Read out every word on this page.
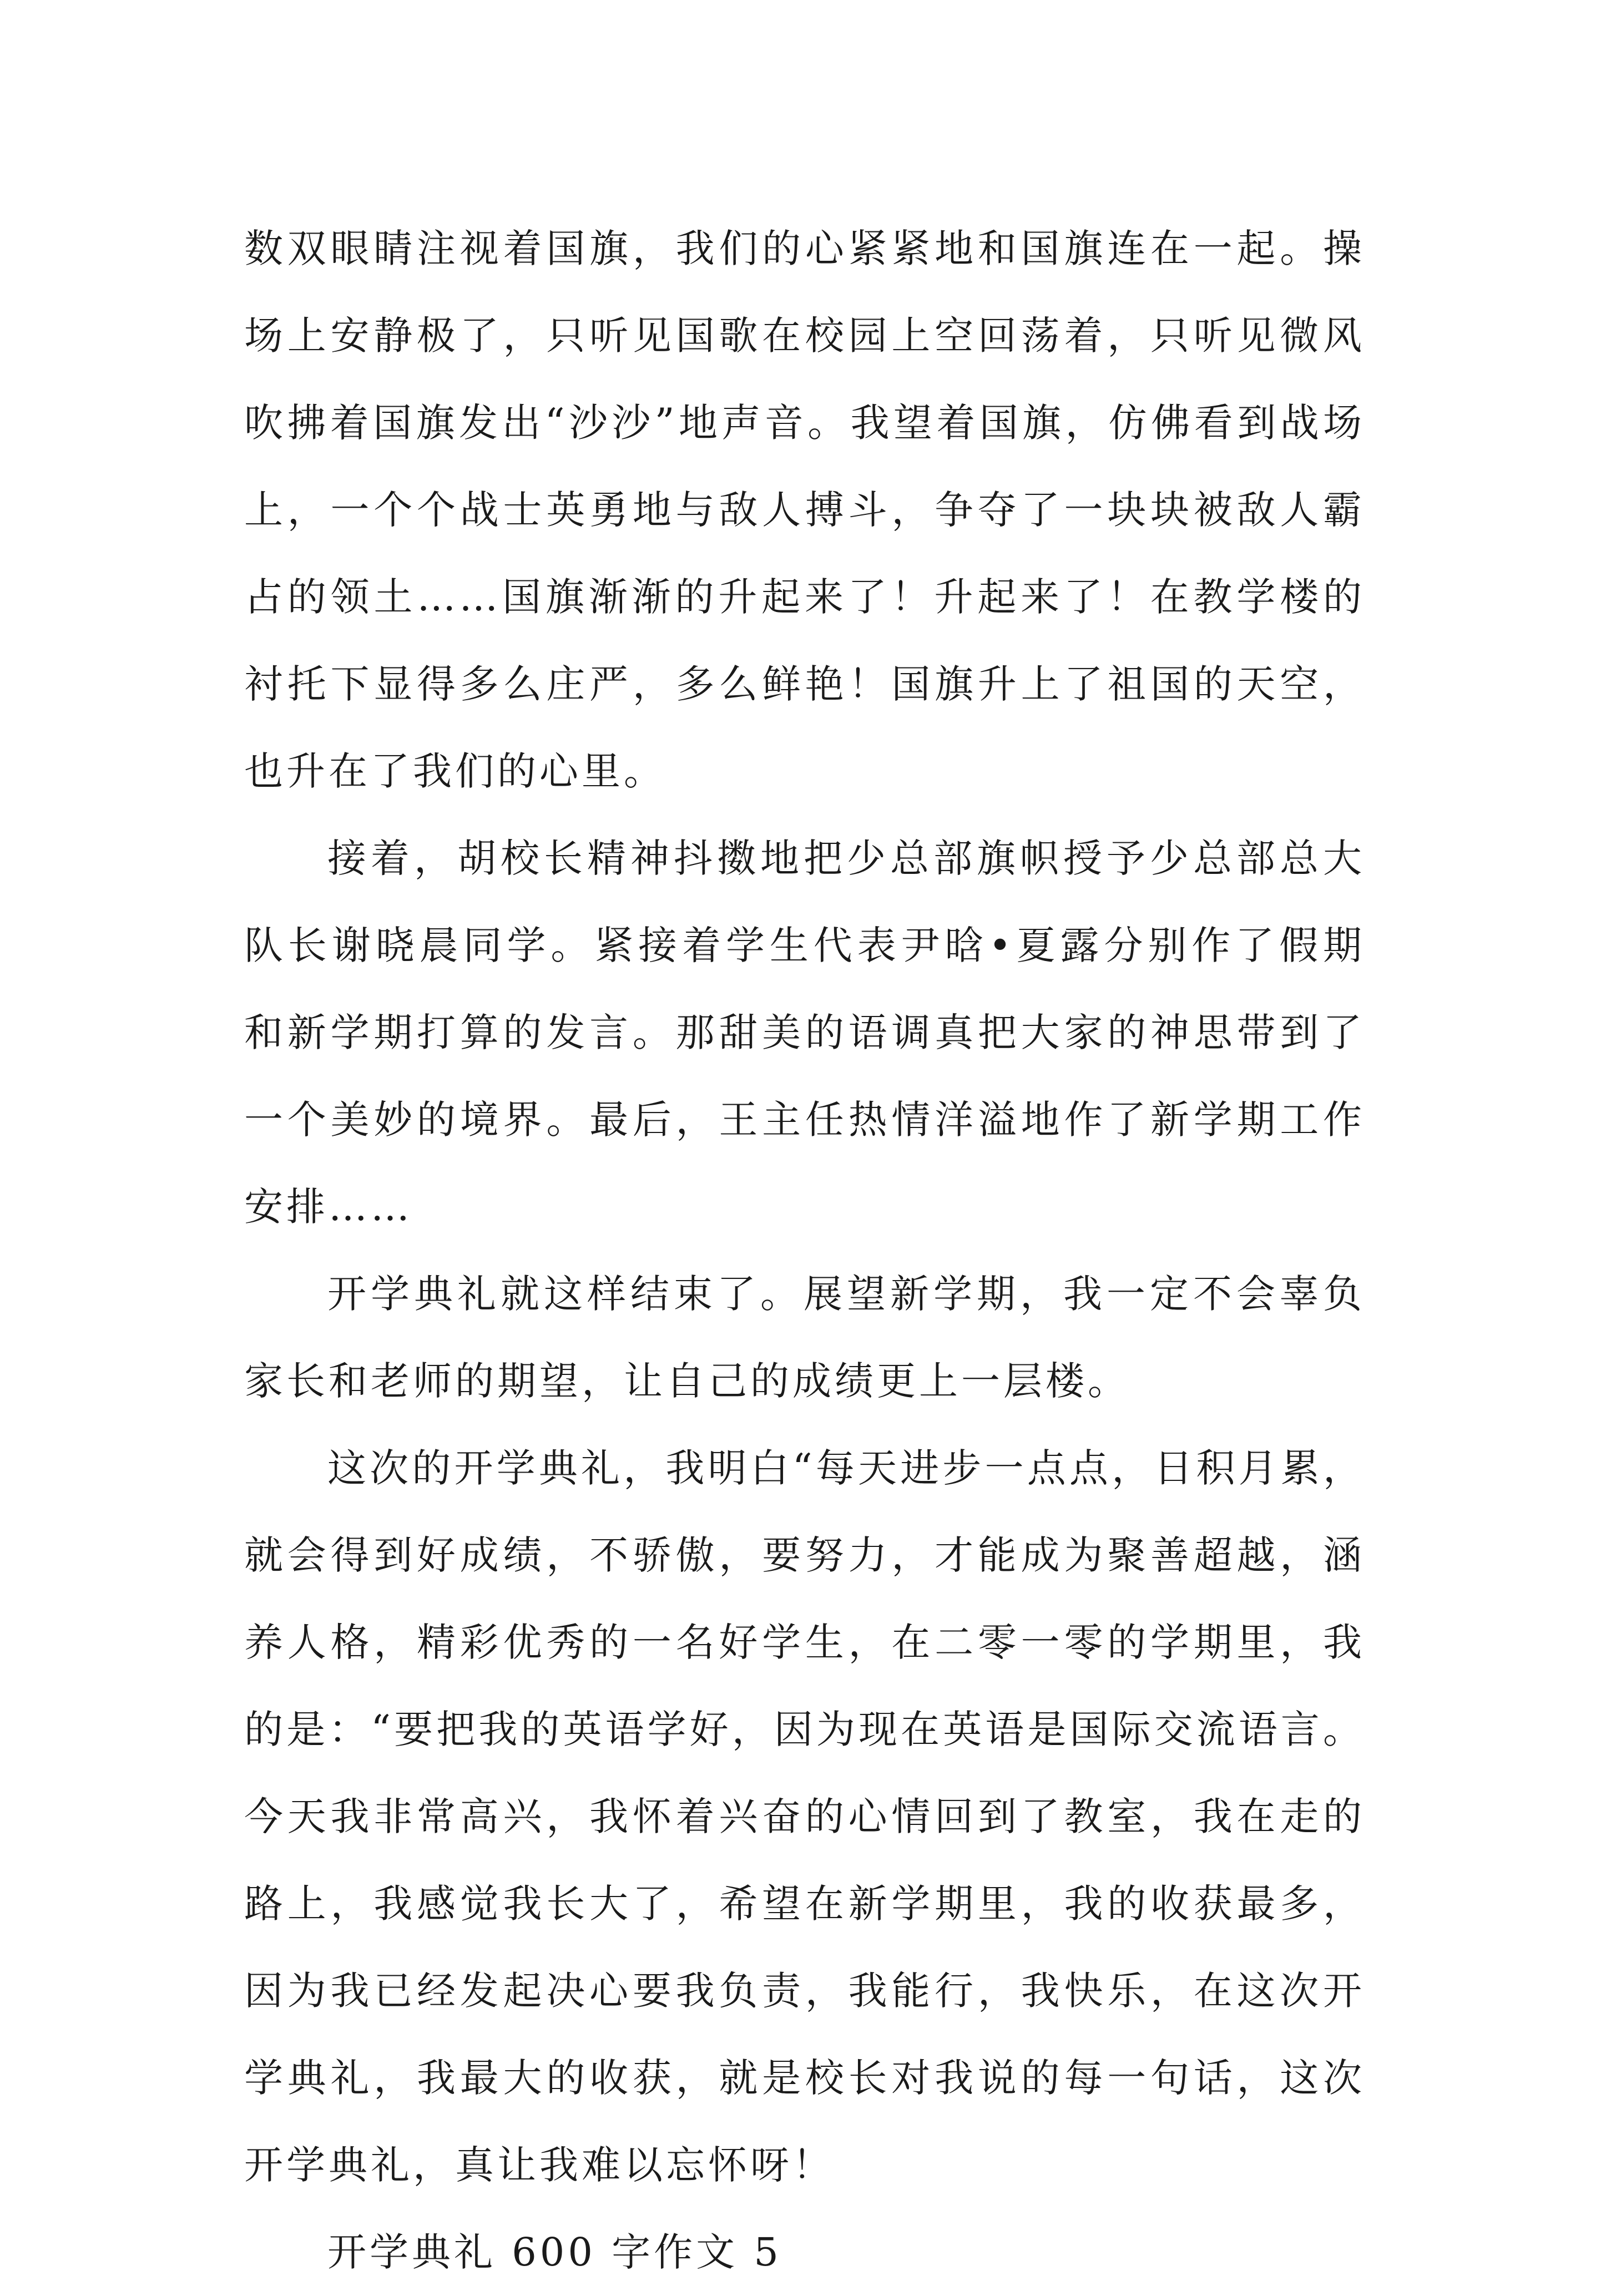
数双眼睛注视着国旗，我们的心紧紧地和国旗连在一起。操场上安静极了，只听见国歌在校园上空回荡着，只听见微风吹拂着国旗发出“沙沙”地声音。我望着国旗，仿佛看到战场上，一个个战士英勇地与敌人搏斗，争夺了一块块被敌人霸占的领土……国旗渐渐的升起来了！升起来了！在教学楼的衬托下显得多么庄严，多么鲜艳！国旗升上了祖国的天空，也升在了我们的心里。

接着，胡校长精神抖擞地把少总部旗帜授予少总部总大队长谢晓晨同学。紧接着学生代表尹晗•夏露分别作了假期和新学期打算的发言。那甜美的语调真把大家的神思带到了一个美妙的境界。最后，王主任热情洋溢地作了新学期工作安排……

开学典礼就这样结束了。展望新学期，我一定不会辜负家长和老师的期望，让自己的成绩更上一层楼。

这次的开学典礼，我明白“每天进步一点点，日积月累，就会得到好成绩，不骄傲，要努力，才能成为聚善超越，涵养人格，精彩优秀的一名好学生，在二零一零的学期里，我的是：“要把我的英语学好，因为现在英语是国际交流语言。今天我非常高兴，我怀着兴奋的心情回到了教室，我在走的路上，我感觉我长大了，希望在新学期里，我的收获最多，因为我已经发起决心要我负责，我能行，我快乐，在这次开学典礼，我最大的收获，就是校长对我说的每一句话，这次开学典礼，真让我难以忘怀呀！

开学典礼 600 字作文 5
